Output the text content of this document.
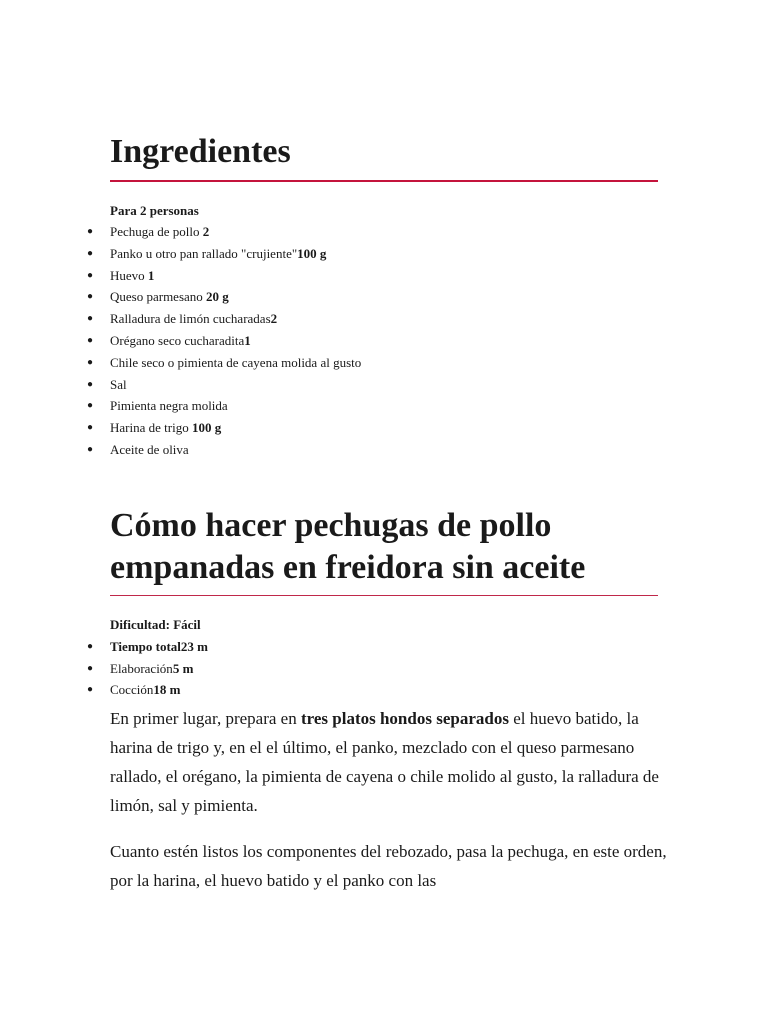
Ingredientes

Para 2 personas

● Pechuga de pollo 2
● Panko u otro pan rallado "crujiente"100 g
● Huevo 1
● Queso parmesano 20 g
● Ralladura de limón cucharadas2
● Orégano seco cucharadita1
● Chile seco o pimienta de cayena molida al gusto
● Sal
● Pimienta negra molida
● Harina de trigo 100 g
● Aceite de oliva
Cómo hacer pechugas de pollo
empanadas en freidora sin aceite
Dificultad: Fácil
● Tiempo total23 m
● Elaboración5 m
● Cocción18 m

En primer lugar, prepara en tres platos hondos separados el huevo batido, la harina de trigo y, en el el último, el panko, mezclado con el queso parmesano rallado, el orégano, la pimienta de cayena o chile molido al gusto, la ralladura de limón, sal y pimienta.

Cuanto estén listos los componentes del rebozado, pasa la pechuga, en este orden, por la harina, el huevo batido y el panko con las
